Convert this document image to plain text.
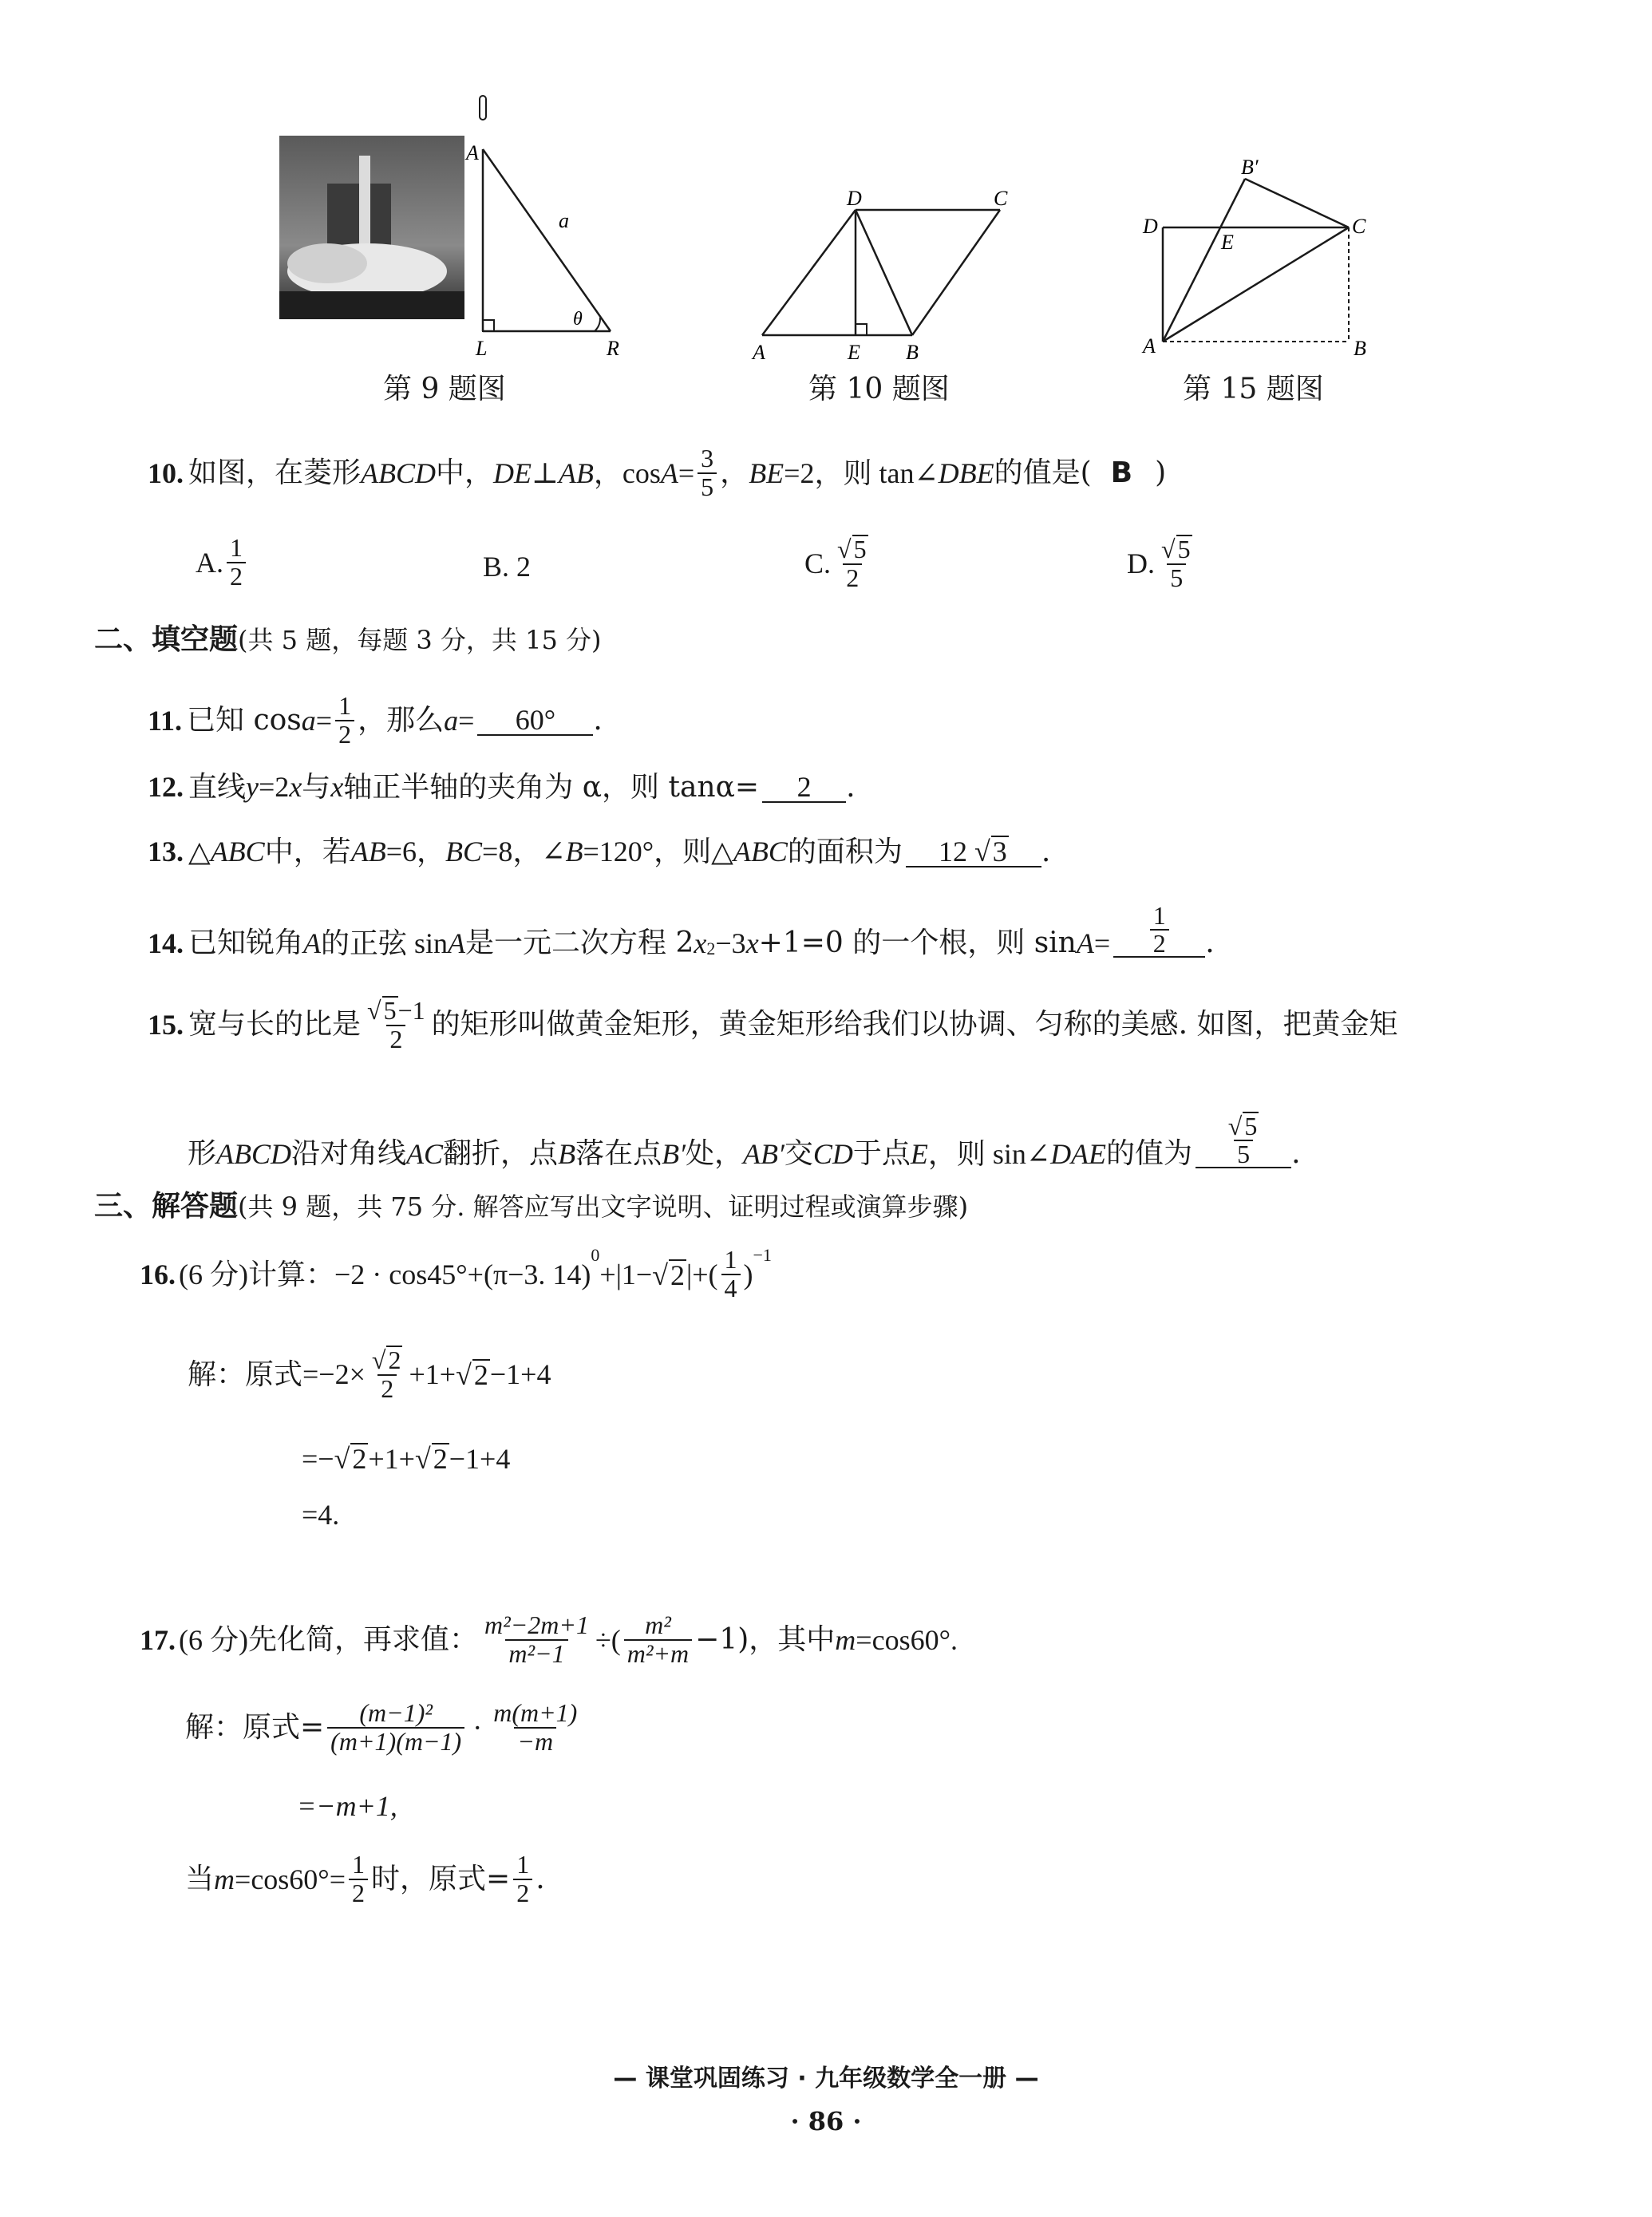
A
a
θ
L	R
第 9 题图
D	C
A	E B
第 10 题图
B′
D
E
C
A	B
第 15 题图
10. 如图，在菱形 ABCD 中， DE⊥AB ，$\cos A = \frac{3}{5}$ ， BE =2，则 tan∠ DBE 的值是( B )
A. $\frac{1}{2}$	B. 2	C. $\frac{√5}{2}$	D. $\frac{√5}{5}$
二、填空题(共 5 题，每题 3 分，共 15 分)
11. 已知 $\cos a = \frac{1}{2}$ ，那么 a =	60°	.
12. 直线 y =2 x 与 x 轴正半轴的夹角为 α，则 tanα=	2	.
13. △ ABC 中，若 AB =6， BC =8，∠ B =120°，则△ ABC 的面积为	12 √3	.
14. 已知锐角 A 的正弦 sin A 是一元二次方程 2 x 2 −3 x +1=0 的一个根，则 $\sin A = \frac{1}{2}$ .
15. 宽与长的比是 $\frac{√5-1}{2}$ 的矩形叫做黄金矩形，黄金矩形给我们以协调、匀称的美感. 如图，把黄金矩
形 ABCD 沿对角线 AC 翻折，点 B 落在点 B′ 处， AB′ 交 CD 于点 E ，则 sin∠ DAE 的值为 $\frac{√5}{5}$ .
三、解答题(共 9 题，共 75 分. 解答应写出文字说明、证明过程或演算步骤)
16. (6 分) 计算：−2 · cos45°+(π−3. 14)
$^0$
+|1− √2 |+( $\frac{1}{4}$ )
$^{-1}$
解：原式$=-2\times \frac{√2}{2} +1+ √2 -1+4$
=− √2 +1+ √2 −1+4
=4.
17. (6 分) 先化简，再求值： $\frac{\text{m²−2m+1}}{\text{m²−1}}$ ÷( $\frac{\text{m²}}{\text{m²+m}} -1$)，其中 m =cos60°.
解：原式= $\frac{\text{(m−1)²}}{(m+1)(m-1)} \cdot \frac{m(m+1)}{-m}$
=−m+1,
当 $m =\cos 60^\circ= \frac{1}{2}$ 时，原式= $\frac{1}{2}$ .
— 课堂巩固练习 · 九年级数学全一册 —
· 86 ·
